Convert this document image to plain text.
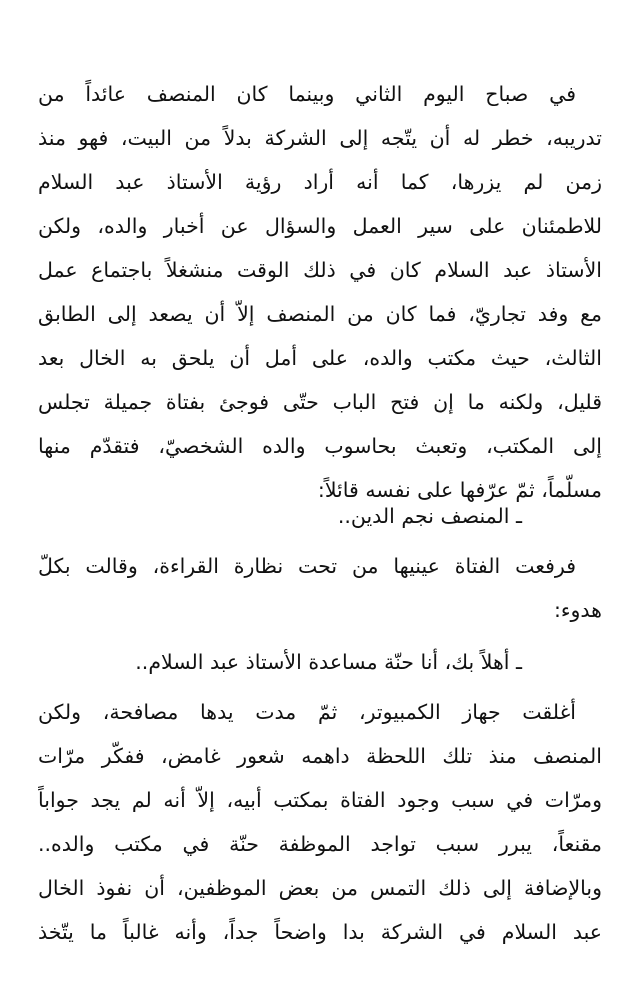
في صباح اليوم الثاني وبينما كان المنصف عائداً من
تدريبه، خطر له أن يتّجه إلى الشركة بدلاً من البيت، فهو منذ
زمن لم يزرها، كما أنه أراد رؤية الأستاذ عبد السلام
للاطمئنان على سير العمل والسؤال عن أخبار والده، ولكن
الأستاذ عبد السلام كان في ذلك الوقت منشغلاً باجتماع عمل
مع وفد تجاريّ، فما كان من المنصف إلاّ أن يصعد إلى الطابق
الثالث، حيث مكتب والده، على أمل أن يلحق به الخال بعد
قليل، ولكنه ما إن فتح الباب حتّى فوجئ بفتاة جميلة تجلس
إلى المكتب، وتعبث بحاسوب والده الشخصيّ، فتقدّم منها
مسلّماً، ثمّ عرّفها على نفسه قائلاً:
ـ المنصف نجم الدين..
فرفعت الفتاة عينيها من تحت نظارة القراءة، وقالت بكلّ
هدوء:
ـ أهلاً بك، أنا حنّة مساعدة الأستاذ عبد السلام..
أغلقت جهاز الكمبيوتر، ثمّ مدت يدها مصافحة، ولكن
المنصف منذ تلك اللحظة داهمه شعور غامض، ففكّر مرّات
ومرّات في سبب وجود الفتاة بمكتب أبيه، إلاّ أنه لم يجد جواباً
مقنعاً، يبرر سبب تواجد الموظفة حنّة في مكتب والده..
وبالإضافة إلى ذلك التمس من بعض الموظفين، أن نفوذ الخال
عبد السلام في الشركة بدا واضحاً جداً، وأنه غالباً ما يتّخذ
